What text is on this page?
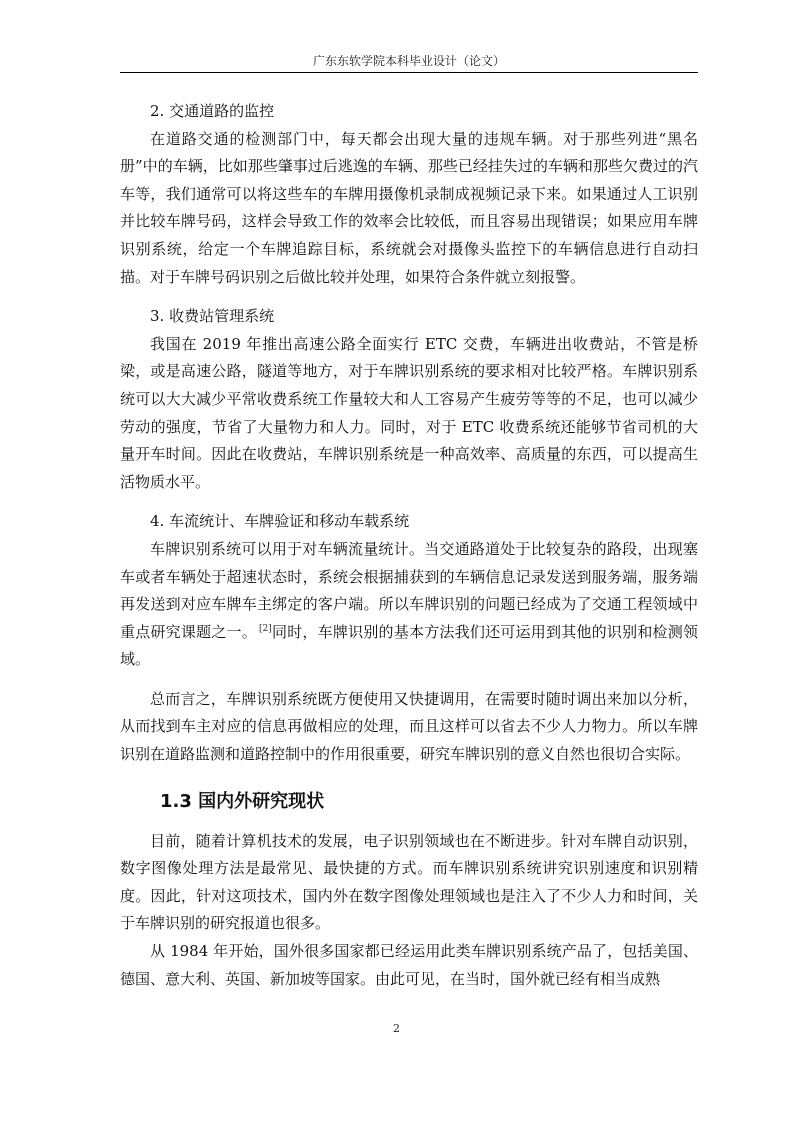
广东东软学院本科毕业设计（论文）

2. 交通道路的监控

在道路交通的检测部门中，每天都会出现大量的违规车辆。对于那些列进“黑名册”中的车辆，比如那些肇事过后逃逸的车辆、那些已经挂失过的车辆和那些欠费过的汽车等，我们通常可以将这些车的车牌用摄像机录制成视频记录下来。如果通过人工识别并比较车牌号码，这样会导致工作的效率会比较低，而且容易出现错误；如果应用车牌识别系统，给定一个车牌追踪目标，系统就会对摄像头监控下的车辆信息进行自动扫描。对于车牌号码识别之后做比较并处理，如果符合条件就立刻报警。

3. 收费站管理系统

我国在 2019 年推出高速公路全面实行 ETC 交费，车辆进出收费站，不管是桥梁，或是高速公路，隧道等地方，对于车牌识别系统的要求相对比较严格。车牌识别系统可以大大减少平常收费系统工作量较大和人工容易产生疲劳等等的不足，也可以减少劳动的强度，节省了大量物力和人力。同时，对于 ETC 收费系统还能够节省司机的大量开车时间。因此在收费站，车牌识别系统是一种高效率、高质量的东西，可以提高生活物质水平。

4. 车流统计、车牌验证和移动车载系统

车牌识别系统可以用于对车辆流量统计。当交通路道处于比较复杂的路段，出现塞车或者车辆处于超速状态时，系统会根据捕获到的车辆信息记录发送到服务端，服务端再发送到对应车牌车主绑定的客户端。所以车牌识别的问题已经成为了交通工程领域中重点研究课题之一。 [2]同时，车牌识别的基本方法我们还可运用到其他的识别和检测领域。

总而言之，车牌识别系统既方便使用又快捷调用，在需要时随时调出来加以分析，从而找到车主对应的信息再做相应的处理，而且这样可以省去不少人力物力。所以车牌识别在道路监测和道路控制中的作用很重要，研究车牌识别的意义自然也很切合实际。

1.3 国内外研究现状

目前，随着计算机技术的发展，电子识别领域也在不断进步。针对车牌自动识别，数字图像处理方法是最常见、最快捷的方式。而车牌识别系统讲究识别速度和识别精度。因此，针对这项技术，国内外在数字图像处理领域也是注入了不少人力和时间，关于车牌识别的研究报道也很多。

从 1984 年开始，国外很多国家都已经运用此类车牌识别系统产品了，包括美国、德国、意大利、英国、新加坡等国家。由此可见，在当时，国外就已经有相当成熟

2
